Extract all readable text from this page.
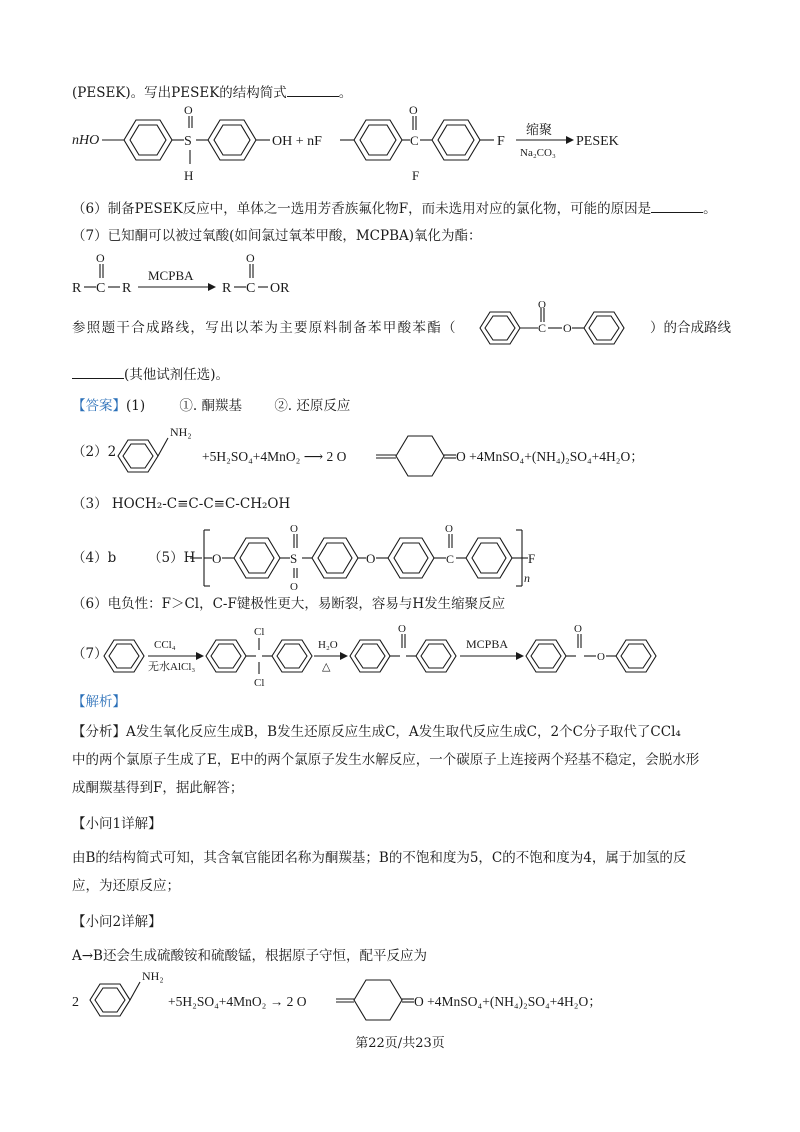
(PESEK)。写出PESEK的结构简式	。
nHO	S
O
H
OH + nF	C
O
F
F
缩聚
Na₂CO₃
PESEK
（6）制备PESEK反应中，单体之一选用芳香族氟化物F，而未选用对应的氯化物，可能的原因是	。
（7）已知酮可以被过氧酸(如间氯过氧苯甲酸，MCPBA)氧化为酯：
R C
O
R
MCPBA
R C
O
OR
参照题干合成路线，写出以苯为主要原料制备苯甲酸苯酯（
O
C O	）的合成路线
(其他试剂任选)。
【答案】(1)	①. 酮羰基 ②. 还原反应
（2）2
NH₂
+5H₂SO₄+4MnO₂ ⟶ 2 O	O +4MnSO₄+(NH₄)₂SO₄+4H₂O；
（3） HOCH₂-C≡C-C≡C-CH₂OH
（4）b （5）H O	S
O
O
O	C
O
F
n
（6）电负性：F＞Cl，C-F键极性更大，易断裂，容易与H发生缩聚反应
（7）
CCl₄
无水AlCl₃
Cl
Cl
H₂O
△
O
MCPBA
O
O
【解析】
【分析】A发生氧化反应生成B，B发生还原反应生成C，A发生取代反应生成C，2个C分子取代了CCl₄
中的两个氯原子生成了E，E中的两个氯原子发生水解反应，一个碳原子上连接两个羟基不稳定，会脱水形
成酮羰基得到F，据此解答；
【小问1详解】
由B的结构简式可知，其含氧官能团名称为酮羰基；B的不饱和度为5，C的不饱和度为4，属于加氢的反
应，为还原反应；
【小问2详解】
A→B还会生成硫酸铵和硫酸锰，根据原子守恒，配平反应为
2
NH₂
+5H₂SO₄+4MnO₂ → 2 O	O +4MnSO₄+(NH₄)₂SO₄+4H₂O；
第22页/共23页
